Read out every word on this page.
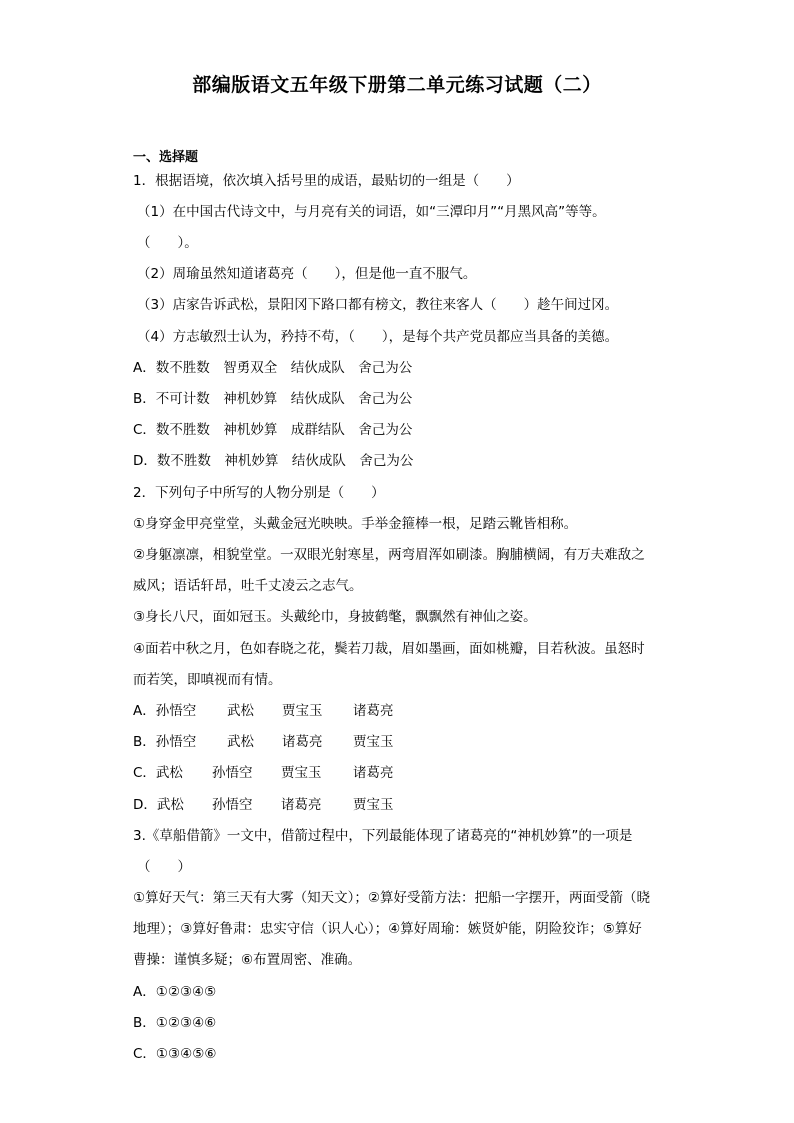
部编版语文五年级下册第二单元练习试题（二）
一、选择题
1．根据语境，依次填入括号里的成语，最贴切的一组是（　　）
（1）在中国古代诗文中，与月亮有关的词语，如“三潭印月”“月黑风高”等等。
（　　）。
（2）周瑜虽然知道诸葛亮（　　），但是他一直不服气。
（3）店家告诉武松，景阳冈下路口都有榜文，教往来客人（　　）趁午间过冈。
（4）方志敏烈士认为，矜持不苟，（　　），是每个共产党员都应当具备的美德。
A．数不胜数　智勇双全　结伙成队　舍己为公
B．不可计数　神机妙算　结伙成队　舍己为公
C．数不胜数　神机妙算　成群结队　舍己为公
D．数不胜数　神机妙算　结伙成队　舍己为公
2．下列句子中所写的人物分别是（　　）
①身穿金甲亮堂堂，头戴金冠光映映。手举金箍棒一根，足踏云靴皆相称。
②身躯凛凛，相貌堂堂。一双眼光射寒星，两弯眉浑如刷漆。胸脯横阔，有万夫难敌之
威风；语话轩昂，吐千丈凌云之志气。
③身长八尺，面如冠玉。头戴纶巾，身披鹤氅，飘飘然有神仙之姿。
④面若中秋之月，色如春晓之花，鬓若刀裁，眉如墨画，面如桃瓣，目若秋波。虽怒时
而若笑，即嗔视而有情。
A．孙悟空 武松 贾宝玉 诸葛亮
B．孙悟空 武松 诸葛亮 贾宝玉
C．武松 孙悟空 贾宝玉 诸葛亮
D．武松 孙悟空 诸葛亮 贾宝玉
3.《草船借箭》一文中，借箭过程中，下列最能体现了诸葛亮的“神机妙算”的一项是
（　　）
①算好天气：第三天有大雾（知天文）；②算好受箭方法：把船一字摆开，两面受箭（晓
地理）；③算好鲁肃：忠实守信（识人心）；④算好周瑜：嫉贤妒能，阴险狡诈；⑤算好
曹操：谨慎多疑；⑥布置周密、准确。
A．①②③④⑤
B．①②③④⑥
C．①③④⑤⑥
